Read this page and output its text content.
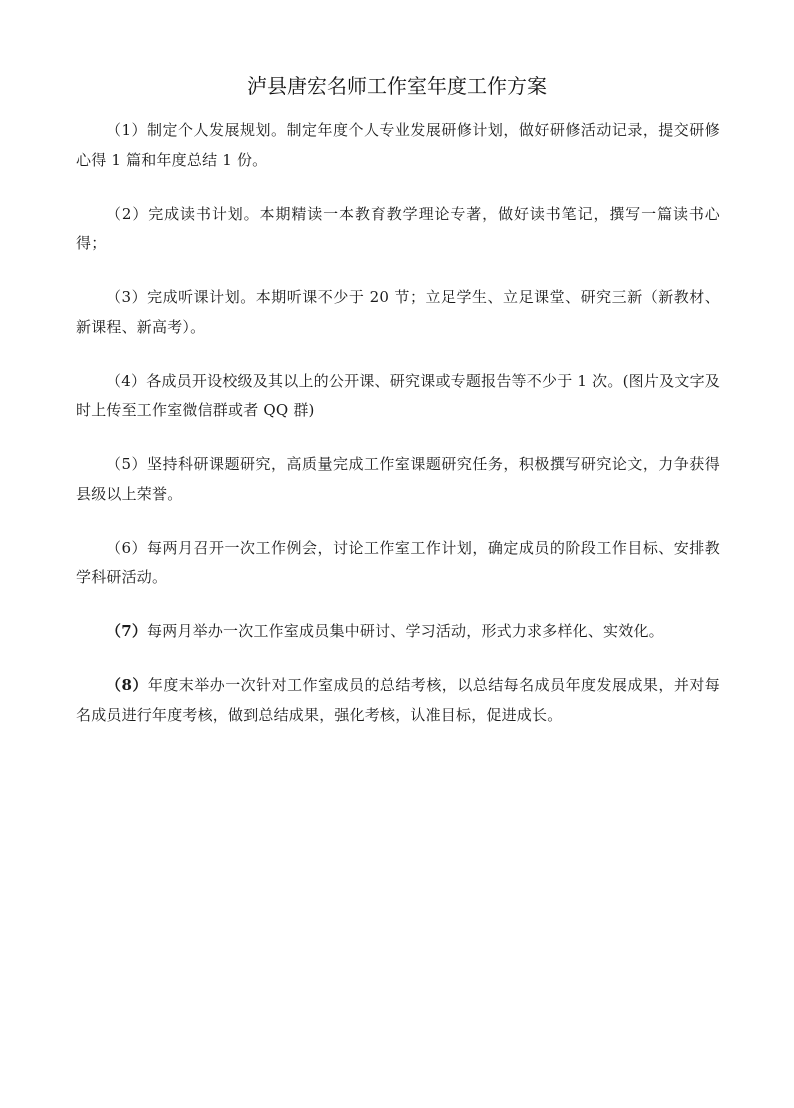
泸县唐宏名师工作室年度工作方案

（1）制定个人发展规划。制定年度个人专业发展研修计划，做好研修活动记录，提交研修心得 1 篇和年度总结 1 份。

（2）完成读书计划。本期精读一本教育教学理论专著，做好读书笔记，撰写一篇读书心得；

（3）完成听课计划。本期听课不少于 20 节；立足学生、立足课堂、研究三新（新教材、新课程、新高考）。

（4）各成员开设校级及其以上的公开课、研究课或专题报告等不少于 1 次。(图片及文字及时上传至工作室微信群或者 QQ 群)

（5）坚持科研课题研究，高质量完成工作室课题研究任务，积极撰写研究论文，力争获得县级以上荣誉。

（6）每两月召开一次工作例会，讨论工作室工作计划，确定成员的阶段工作目标、安排教学科研活动。

（7）每两月举办一次工作室成员集中研讨、学习活动，形式力求多样化、实效化。

（8）年度末举办一次针对工作室成员的总结考核，以总结每名成员年度发展成果，并对每名成员进行年度考核，做到总结成果，强化考核，认准目标，促进成长。
